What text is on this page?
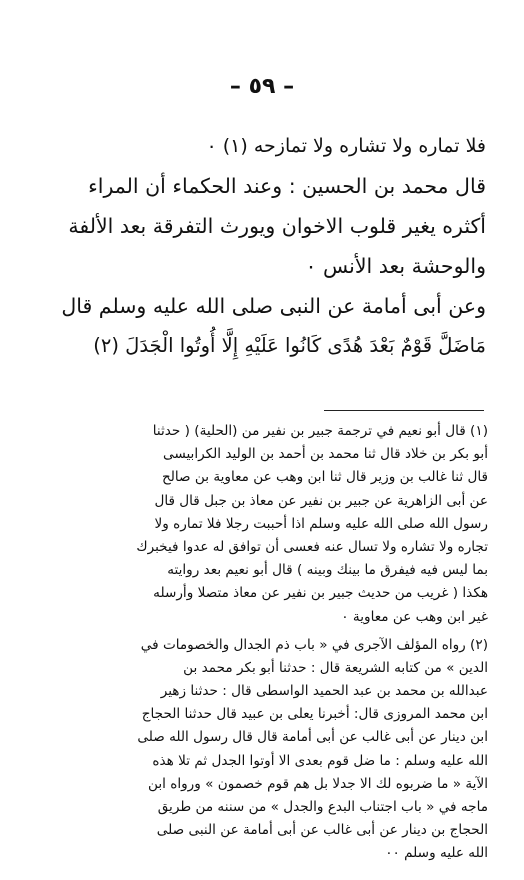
– ٥٩ –
فلا تماره ولا تشاره ولا تمازحه (١) ٠
قال محمد بن الحسين : وعند الحكماء أن المراء
أكثره يغير قلوب الاخوان ويورث التفرقة بعد الألفة
والوحشة بعد الأنس ٠
وعن أبى أمامة عن النبى صلى الله عليه وسلم قال
مَاضَلَّ قَوْمٌ بَعْدَ هُدًى كَانُوا عَلَيْهِ إِلَّا أُوتُوا الْجَدَلَ (٢)
(١) قال أبو نعيم في ترجمة جبير بن نفير من (الحلية) ( حدثنا
أبو بكر بن خلاد قال ثنا محمد بن أحمد بن الوليد الكرابيسى
قال ثنا غالب بن وزير قال ثنا ابن وهب عن معاوية بن صالح
عن أبى الزاهرية عن جبير بن نفير عن معاذ بن جبل قال قال
رسول الله صلى الله عليه وسلم اذا أحببت رجلا فلا تماره ولا
تجاره ولا تشاره ولا تسال عنه فعسى أن توافق له عدوا فيخبرك
بما ليس فيه فيفرق ما بينك وبينه ) قال أبو نعيم بعد روايته
هكذا ( غريب من حديث جبير بن نفير عن معاذ متصلا وأرسله
غير ابن وهب عن معاوية ٠
(٢) رواه المؤلف الآجرى في « باب ذم الجدال والخصومات في
الدين » من كتابه الشريعة قال : حدثنا أبو بكر محمد بن
عبدالله بن محمد بن عبد الحميد الواسطى قال : حدثنا زهير
ابن محمد المروزى قال: أخبرنا يعلى بن عبيد قال حدثنا الحجاج
ابن دينار عن أبى غالب عن أبى أمامة قال قال رسول الله صلى
الله عليه وسلم : ما ضل قوم بعدى الا أوتوا الجدل ثم تلا هذه
الآية « ما ضربوه لك الا جدلا بل هم قوم خصمون » ورواه ابن
ماجه في « باب اجتناب البدع والجدل » من سننه من طريق
الحجاج بن دينار عن أبى غالب عن أبى أمامة عن النبى صلى
الله عليه وسلم ٠٠
